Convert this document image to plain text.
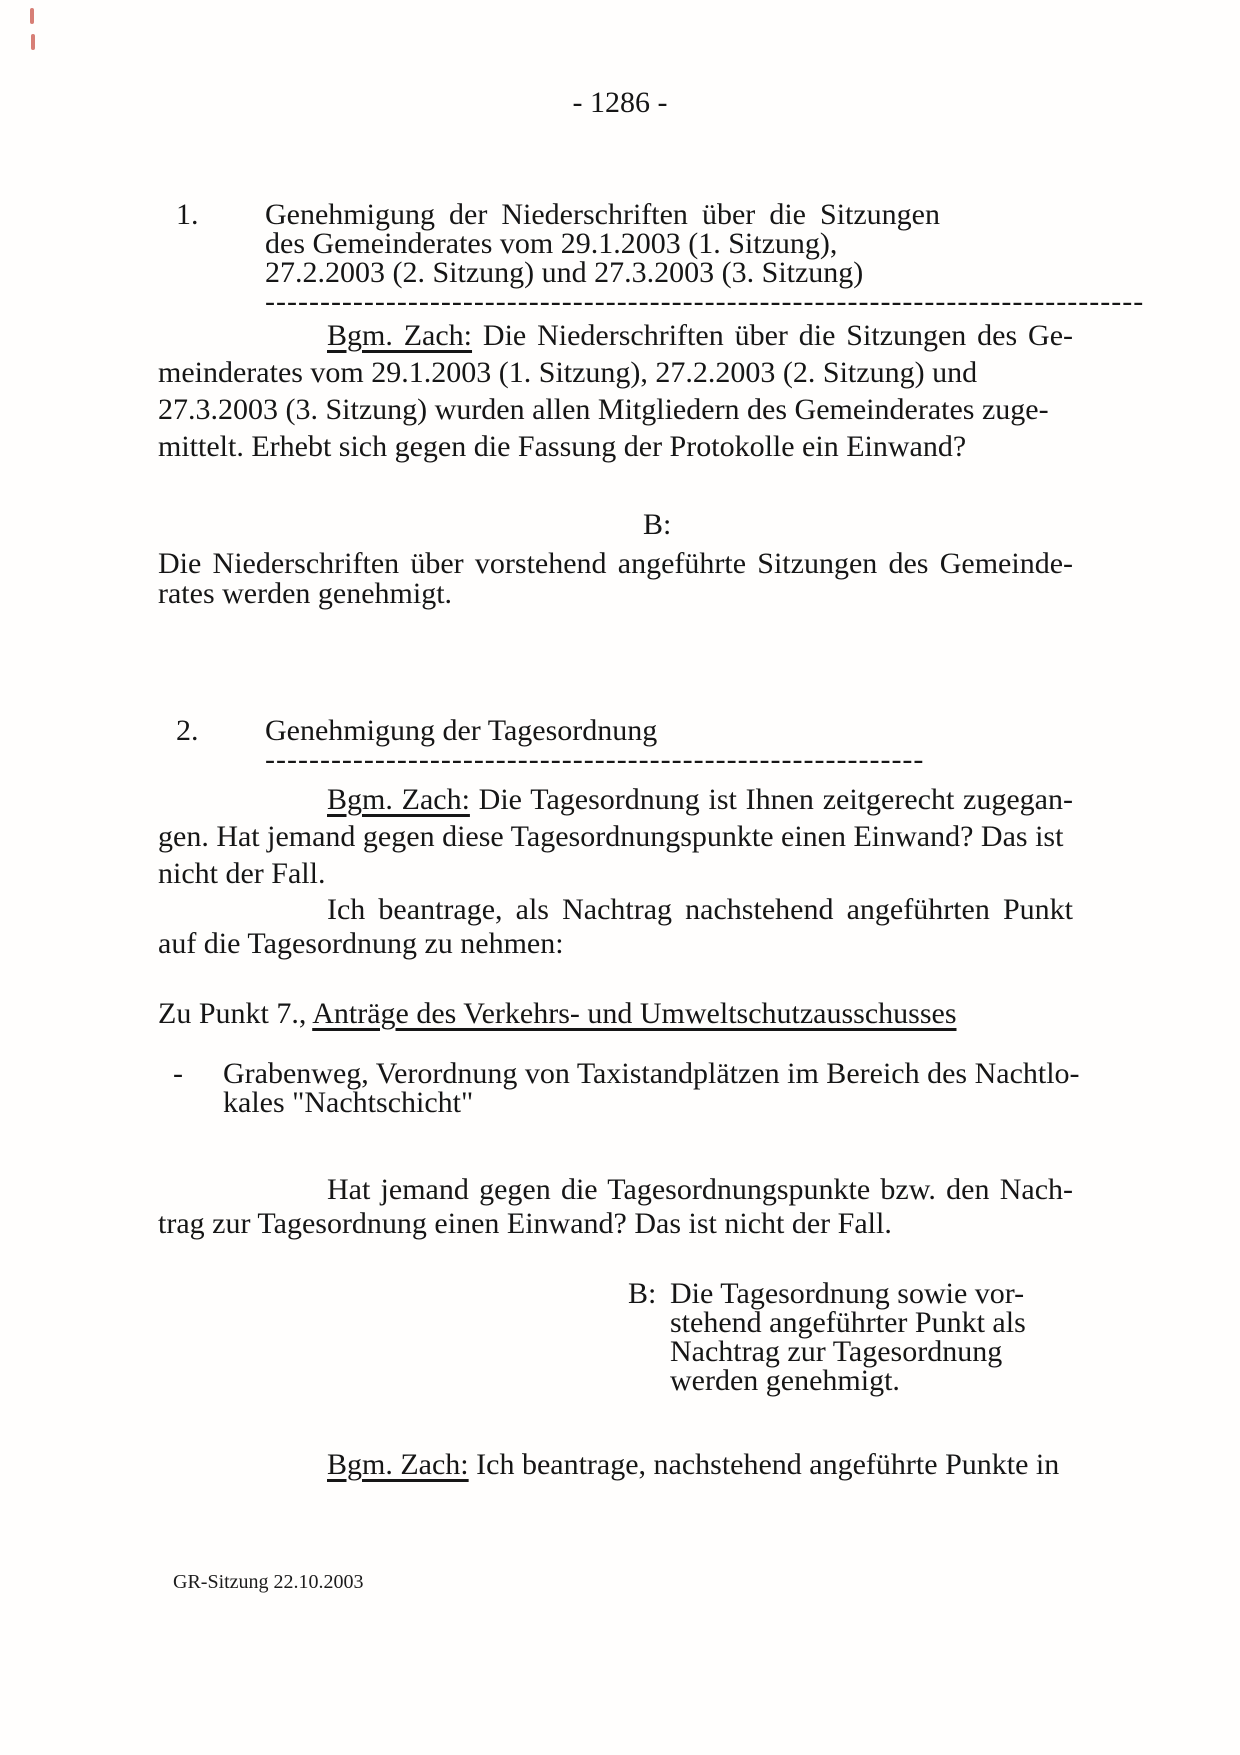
- 1286 -
1.	Genehmigung der Niederschriften über die Sitzungen
des Gemeinderates vom 29.1.2003 (1. Sitzung),
27.2.2003 (2. Sitzung) und 27.3.2003 (3. Sitzung)
--------------------------------------------------------------------------------
Bgm. Zach: Die Niederschriften über die Sitzungen des Ge-
meinderates vom 29.1.2003 (1. Sitzung), 27.2.2003 (2. Sitzung) und
27.3.2003 (3. Sitzung) wurden allen Mitgliedern des Gemeinderates zuge-
mittelt. Erhebt sich gegen die Fassung der Protokolle ein Einwand?
B:
Die Niederschriften über vorstehend angeführte Sitzungen des Gemeinde-
rates werden genehmigt.
2.	Genehmigung der Tagesordnung
------------------------------------------------------------
Bgm. Zach: Die Tagesordnung ist Ihnen zeitgerecht zugegan-
gen. Hat jemand gegen diese Tagesordnungspunkte einen Einwand? Das ist
nicht der Fall.
Ich beantrage, als Nachtrag nachstehend angeführten Punkt
auf die Tagesordnung zu nehmen:
Zu Punkt 7., Anträge des Verkehrs- und Umweltschutzausschusses
-	Grabenweg, Verordnung von Taxistandplätzen im Bereich des Nachtlo-
kales "Nachtschicht"
Hat jemand gegen die Tagesordnungspunkte bzw. den Nach-
trag zur Tagesordnung einen Einwand? Das ist nicht der Fall.
B: Die Tagesordnung sowie vor-
stehend angeführter Punkt als
Nachtrag zur Tagesordnung
werden genehmigt.
Bgm. Zach: Ich beantrage, nachstehend angeführte Punkte in
GR-Sitzung 22.10.2003
